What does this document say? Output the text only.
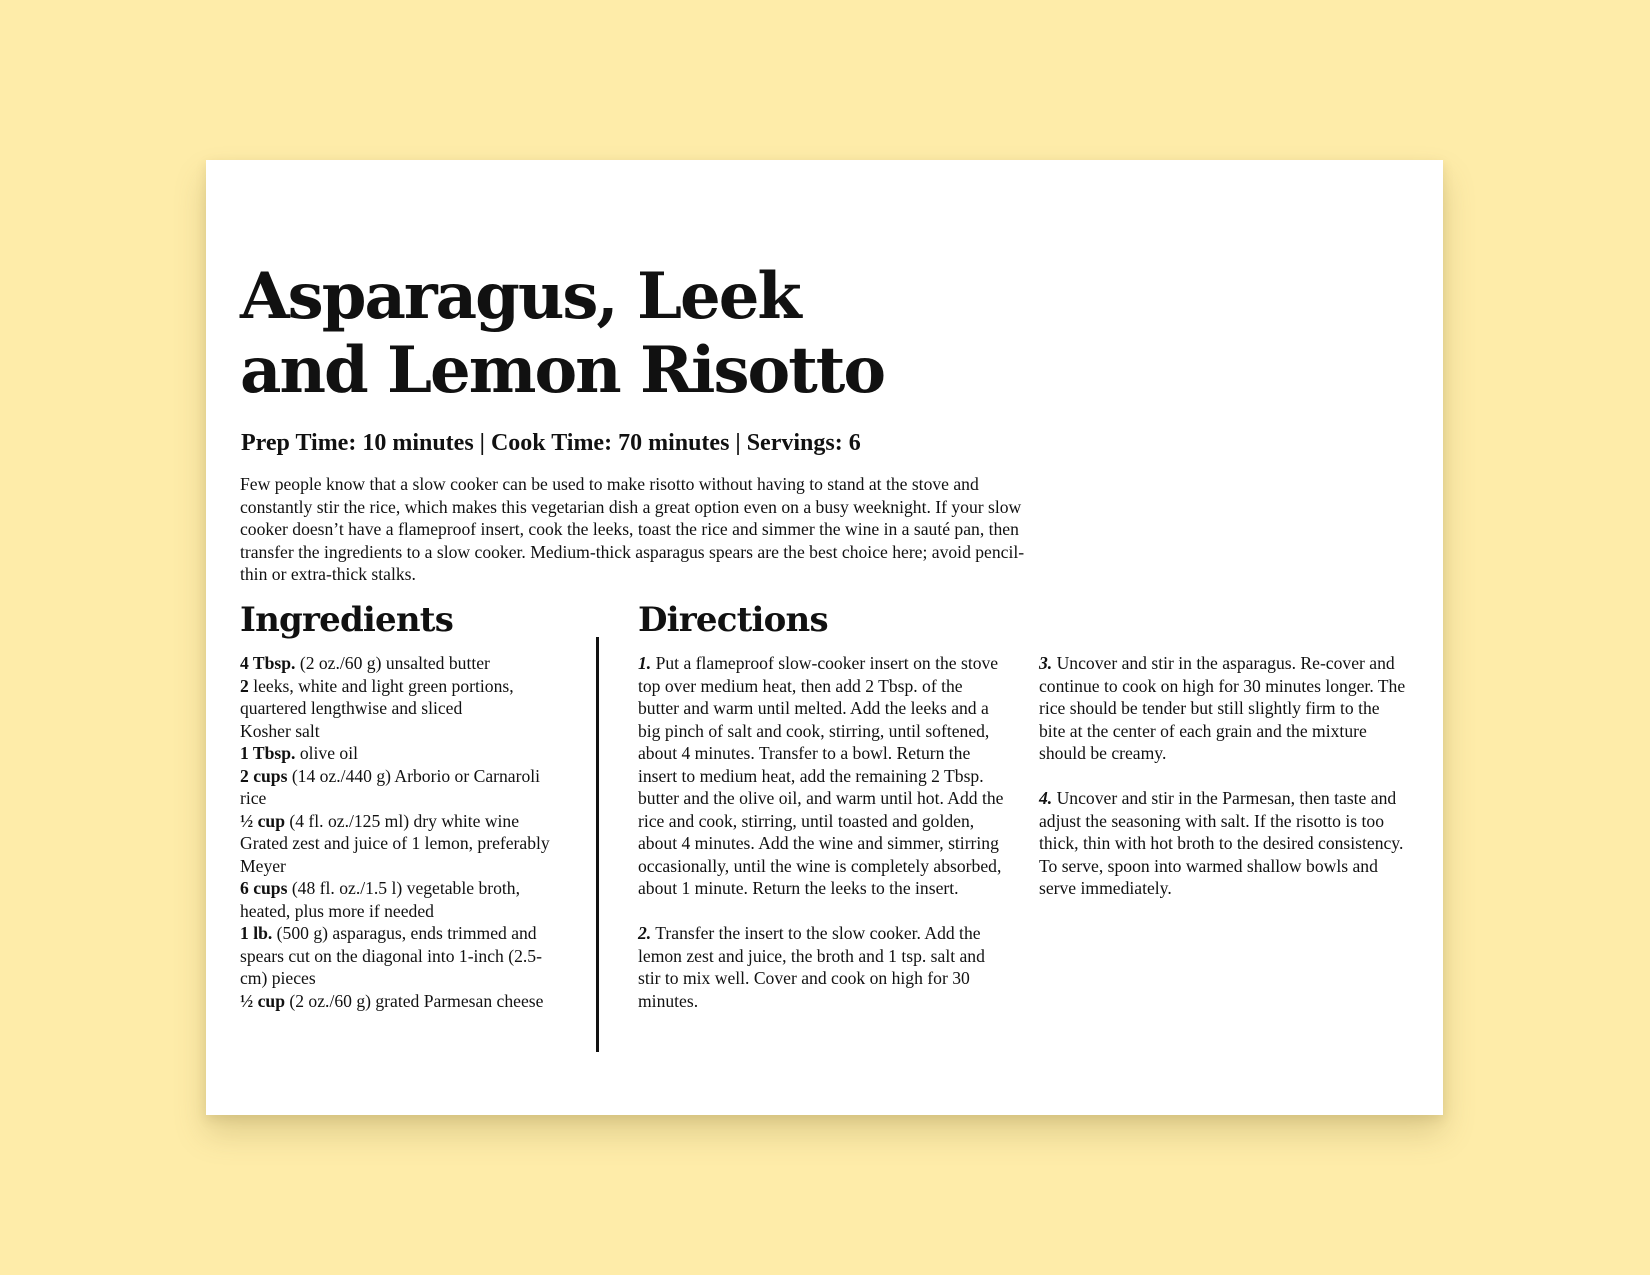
Asparagus, Leek
and Lemon Risotto
Prep Time: 10 minutes | Cook Time: 70 minutes | Servings: 6

Few people know that a slow cooker can be used to make risotto without having to stand at the stove and constantly stir the rice, which makes this vegetarian dish a great option even on a busy weeknight. If your slow cooker doesn’t have a flameproof insert, cook the leeks, toast the rice and simmer the wine in a sauté pan, then transfer the ingredients to a slow cooker. Medium-thick asparagus spears are the best choice here; avoid pencil-thin or extra-thick stalks.

Ingredients
4 Tbsp. (2 oz./60 g) unsalted butter
2 leeks, white and light green portions, quartered lengthwise and sliced
Kosher salt
1 Tbsp. olive oil
2 cups (14 oz./440 g) Arborio or Carnaroli rice
½ cup (4 fl. oz./125 ml) dry white wine
Grated zest and juice of 1 lemon, preferably Meyer
6 cups (48 fl. oz./1.5 l) vegetable broth, heated, plus more if needed
1 lb. (500 g) asparagus, ends trimmed and spears cut on the diagonal into 1-inch (2.5-cm) pieces
½ cup (2 oz./60 g) grated Parmesan cheese
Directions

1. Put a flameproof slow-cooker insert on the stove top over medium heat, then add 2 Tbsp. of the butter and warm until melted. Add the leeks and a big pinch of salt and cook, stirring, until softened, about 4 minutes. Transfer to a bowl. Return the insert to medium heat, add the remaining 2 Tbsp. butter and the olive oil, and warm until hot. Add the rice and cook, stirring, until toasted and golden, about 4 minutes. Add the wine and simmer, stirring occasionally, until the wine is completely absorbed, about 1 minute. Return the leeks to the insert.

2. Transfer the insert to the slow cooker. Add the lemon zest and juice, the broth and 1 tsp. salt and stir to mix well. Cover and cook on high for 30 minutes.

3. Uncover and stir in the asparagus. Re-cover and continue to cook on high for 30 minutes longer. The rice should be tender but still slightly firm to the bite at the center of each grain and the mixture should be creamy.

4. Uncover and stir in the Parmesan, then taste and adjust the seasoning with salt. If the risotto is too thick, thin with hot broth to the desired consistency. To serve, spoon into warmed shallow bowls and serve immediately.
